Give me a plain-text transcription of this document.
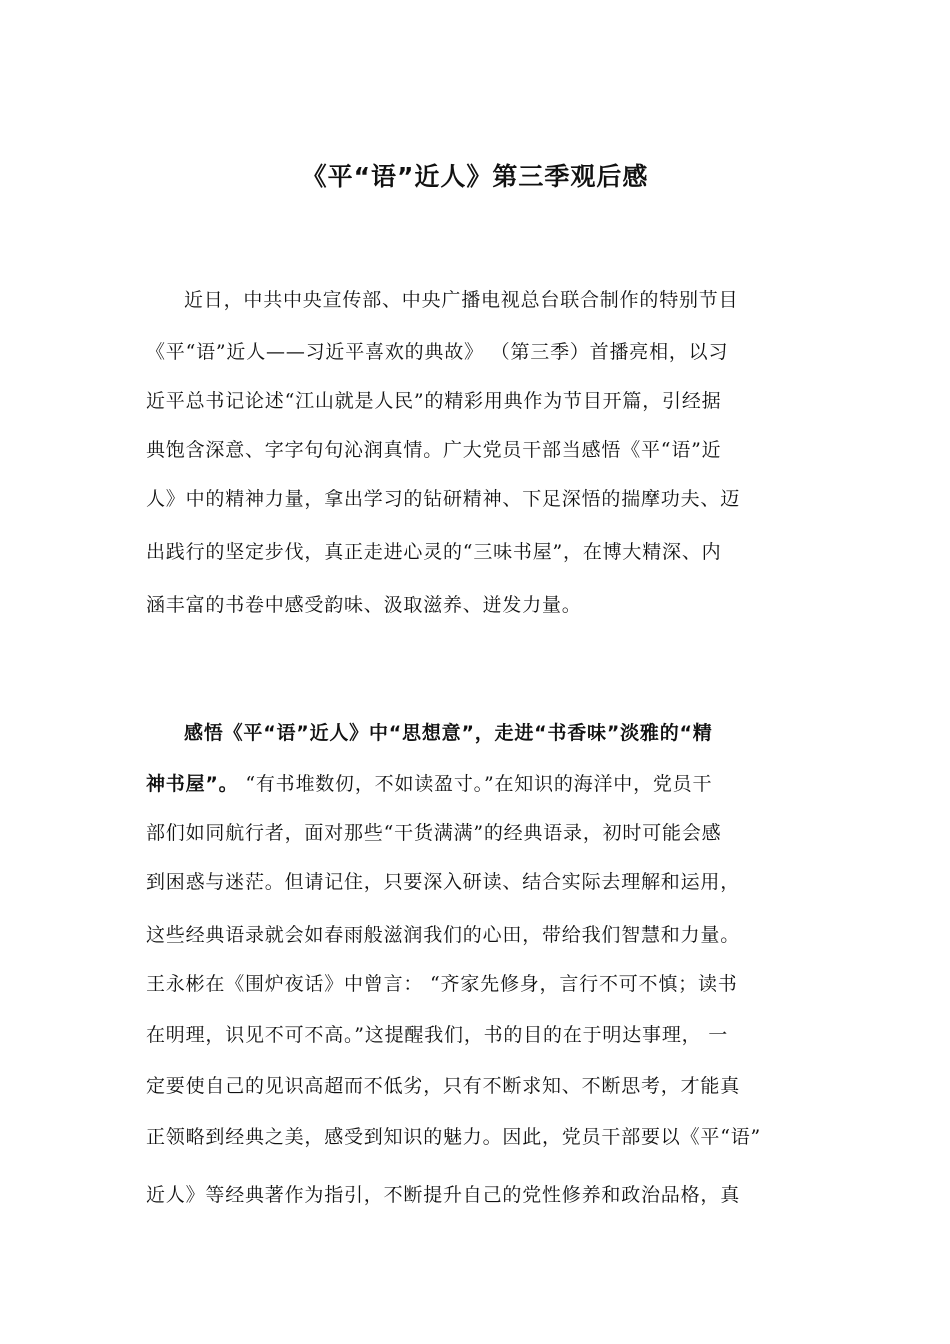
《平“语”近人》第三季观后感
近日，中共中央宣传部、中央广播电视总台联合制作的特别节目
《平“语”近人——习近平喜欢的典故》 （第三季）首播亮相，以习
近平总书记论述“江山就是人民”的精彩用典作为节目开篇，引经据
典饱含深意、字字句句沁润真情。广大党员干部当感悟《平“语”近
人》中的精神力量，拿出学习的钻研精神、下足深悟的揣摩功夫、迈
出践行的坚定步伐，真正走进心灵的“三味书屋”，在博大精深、内
涵丰富的书卷中感受韵味、汲取滋养、迸发力量。
感悟《平“语”近人》中“思想意”，走进“书香味”淡雅的“精
神书屋”。 “有书堆数仞，不如读盈寸。”在知识的海洋中，党员干
部们如同航行者，面对那些“干货满满”的经典语录，初时可能会感
到困惑与迷茫。但请记住，只要深入研读、结合实际去理解和运用，
这些经典语录就会如春雨般滋润我们的心田，带给我们智慧和力量。
王永彬在《围炉夜话》中曾言： “齐家先修身，言行不可不慎；读书
在明理，识见不可不高。”这提醒我们，书的目的在于明达事理， 一
定要使自己的见识高超而不低劣，只有不断求知、不断思考，才能真
正领略到经典之美，感受到知识的魅力。因此，党员干部要以《平“语”
近人》等经典著作为指引，不断提升自己的党性修养和政治品格，真
